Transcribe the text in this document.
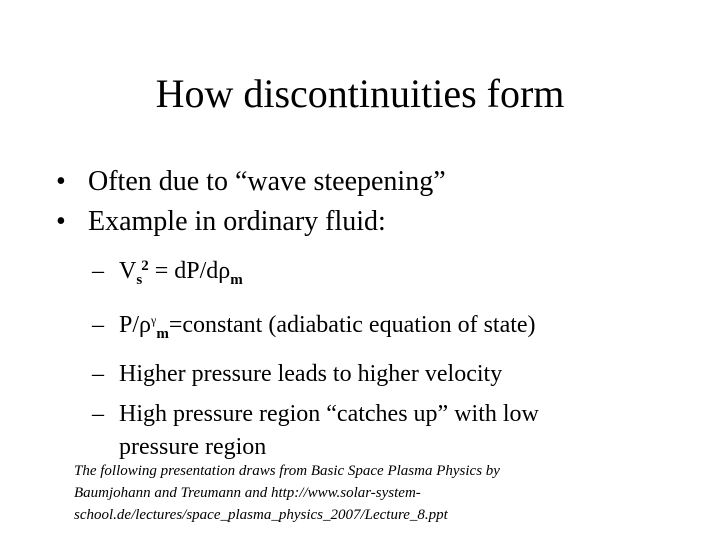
How discontinuities form
• Often due to “wave steepening”
• Example in ordinary fluid:
– $V_s^2 = dP/d\rho_m$
– $P/\rho^\gamma_m=constant$ (adiabatic equation of state)
– Higher pressure leads to higher velocity
– High pressure region “catches up” with low
pressure region
The following presentation draws from Basic Space Plasma Physics by
Baumjohann and Treumann and http://www.solar-system-
school.de/lectures/space_plasma_physics_2007/Lecture_8.ppt
